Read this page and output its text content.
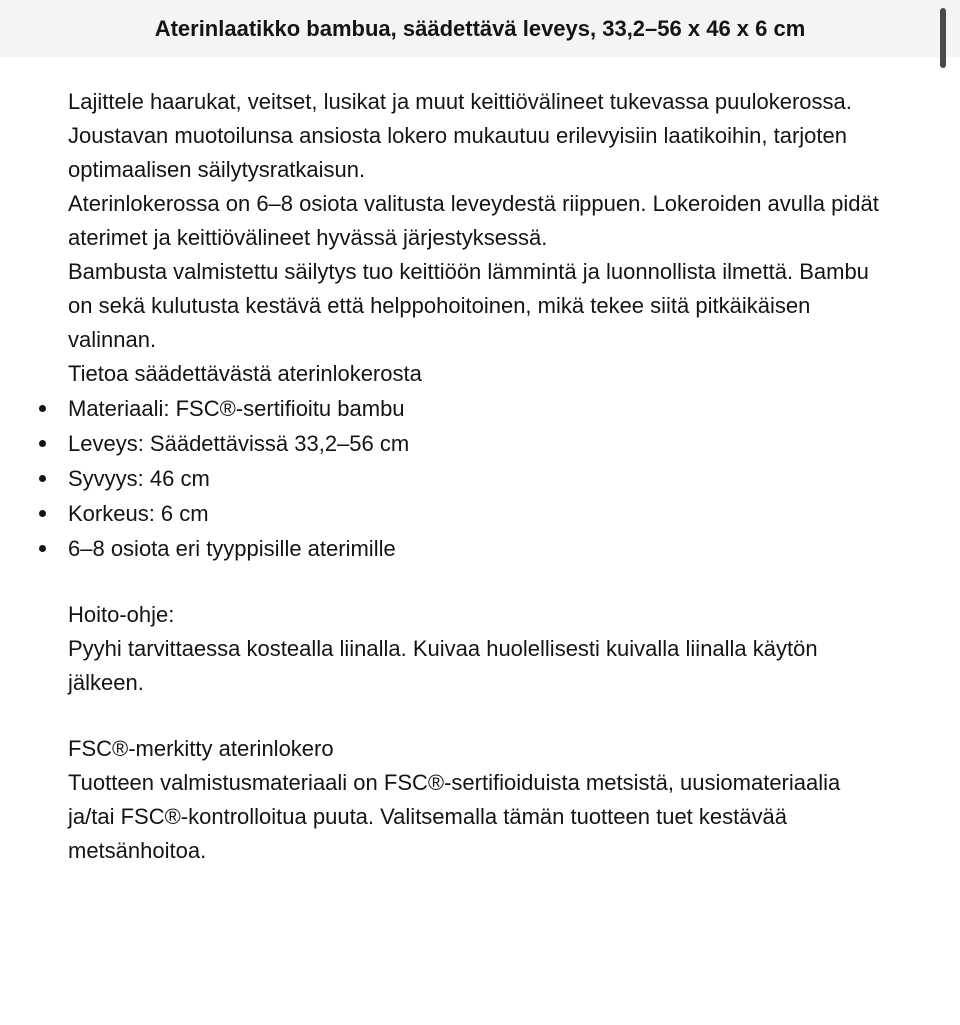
Aterinlaatikko bambua, säädettävä leveys, 33,2–56 x 46 x 6 cm

Lajittele haarukat, veitset, lusikat ja muut keittiövälineet tukevassa puulokerossa. Joustavan muotoilunsa ansiosta lokero mukautuu erilevyisiin laatikoihin, tarjoten optimaalisen säilytysratkaisun.

Aterinlokerossa on 6–8 osiota valitusta leveydestä riippuen. Lokeroiden avulla pidät aterimet ja keittiövälineet hyvässä järjestyksessä.

Bambusta valmistettu säilytys tuo keittiöön lämmintä ja luonnollista ilmettä. Bambu on sekä kulutusta kestävä että helppohoitoinen, mikä tekee siitä pitkäikäisen valinnan.

Tietoa säädettävästä aterinlokerosta

Materiaali: FSC®-sertifioitu bambu
Leveys: Säädettävissä 33,2–56 cm
Syvyys: 46 cm
Korkeus: 6 cm
6–8 osiota eri tyyppisille aterimille

Hoito-ohje:

Pyyhi tarvittaessa kostealla liinalla. Kuivaa huolellisesti kuivalla liinalla käytön jälkeen.

FSC®-merkitty aterinlokero

Tuotteen valmistusmateriaali on FSC®-sertifioiduista metsistä, uusiomateriaalia ja/tai FSC®-kontrolloitua puuta. Valitsemalla tämän tuotteen tuet kestävää metsänhoitoa.
